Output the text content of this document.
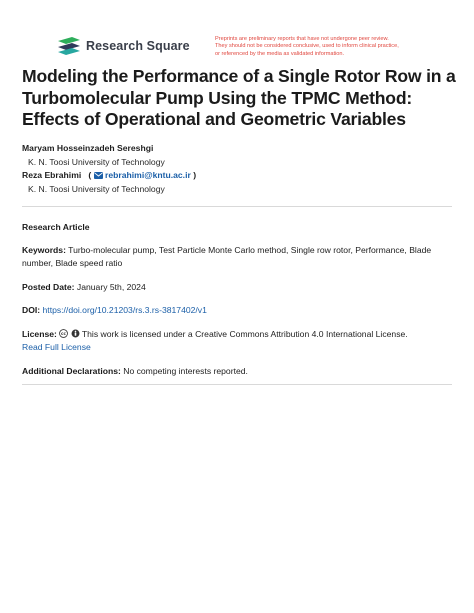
Research Square	Preprints are preliminary reports that have not undergone peer review.
They should not be considered conclusive, used to inform clinical practice,
or referenced by the media as validated information.
Modeling the Performance of a Single Rotor Row in a Turbomolecular Pump Using the TPMC Method: Effects of Operational and Geometric Variables
Maryam Hosseinzadeh Sereshgi
K. N. Toosi University of Technology
Reza Ebrahimi   ( rebrahimi@kntu.ac.ir )
K. N. Toosi University of Technology
Research Article
Keywords: Turbo-molecular pump, Test Particle Monte Carlo method, Single row rotor, Performance, Blade number, Blade speed ratio
Posted Date: January 5th, 2024
DOI: https://doi.org/10.21203/rs.3.rs-3817402/v1
License: cc This work is licensed under a Creative Commons Attribution 4.0 International License.
Read Full License
Additional Declarations: No competing interests reported.
